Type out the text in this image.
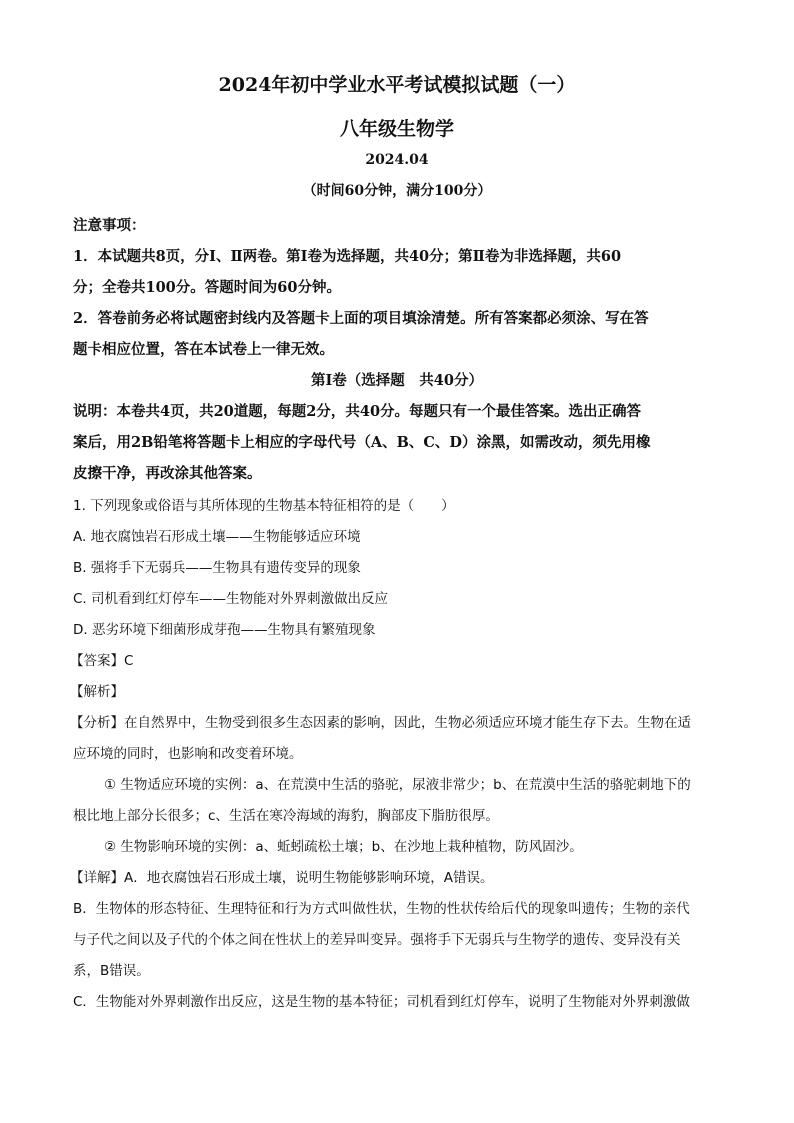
2024年初中学业水平考试模拟试题（一）
八年级生物学
2024.04
（时间60分钟，满分100分）
注意事项：
1．本试题共8页，分Ⅰ、Ⅱ两卷。第Ⅰ卷为选择题，共40分；第Ⅱ卷为非选择题，共60
分；全卷共100分。答题时间为60分钟。
2．答卷前务必将试题密封线内及答题卡上面的项目填涂清楚。所有答案都必须涂、写在答
题卡相应位置，答在本试卷上一律无效。
第Ⅰ卷（选择题　共40分）
说明：本卷共4页，共20道题，每题2分，共40分。每题只有一个最佳答案。选出正确答
案后，用2B铅笔将答题卡上相应的字母代号（A、B、C、D）涂黑，如需改动，须先用橡
皮擦干净，再改涂其他答案。
1. 下列现象或俗语与其所体现的生物基本特征相符的是（　　）
A. 地衣腐蚀岩石形成土壤——生物能够适应环境
B. 强将手下无弱兵——生物具有遗传变异的现象
C. 司机看到红灯停车——生物能对外界刺激做出反应
D. 恶劣环境下细菌形成芽孢——生物具有繁殖现象
【答案】C
【解析】
【分析】在自然界中，生物受到很多生态因素的影响，因此，生物必须适应环境才能生存下去。生物在适
应环境的同时，也影响和改变着环境。
① 生物适应环境的实例：a、在荒漠中生活的骆驼，尿液非常少；b、在荒漠中生活的骆驼刺地下的
根比地上部分长很多；c、生活在寒冷海域的海豹，胸部皮下脂肪很厚。
② 生物影响环境的实例：a、蚯蚓疏松土壤；b、在沙地上栽种植物，防风固沙。
【详解】A．地衣腐蚀岩石形成土壤，说明生物能够影响环境，A错误。
B．生物体的形态特征、生理特征和行为方式叫做性状，生物的性状传给后代的现象叫遗传；生物的亲代
与子代之间以及子代的个体之间在性状上的差异叫变异。强将手下无弱兵与生物学的遗传、变异没有关
系，B错误。
C．生物能对外界刺激作出反应，这是生物的基本特征；司机看到红灯停车，说明了生物能对外界刺激做
